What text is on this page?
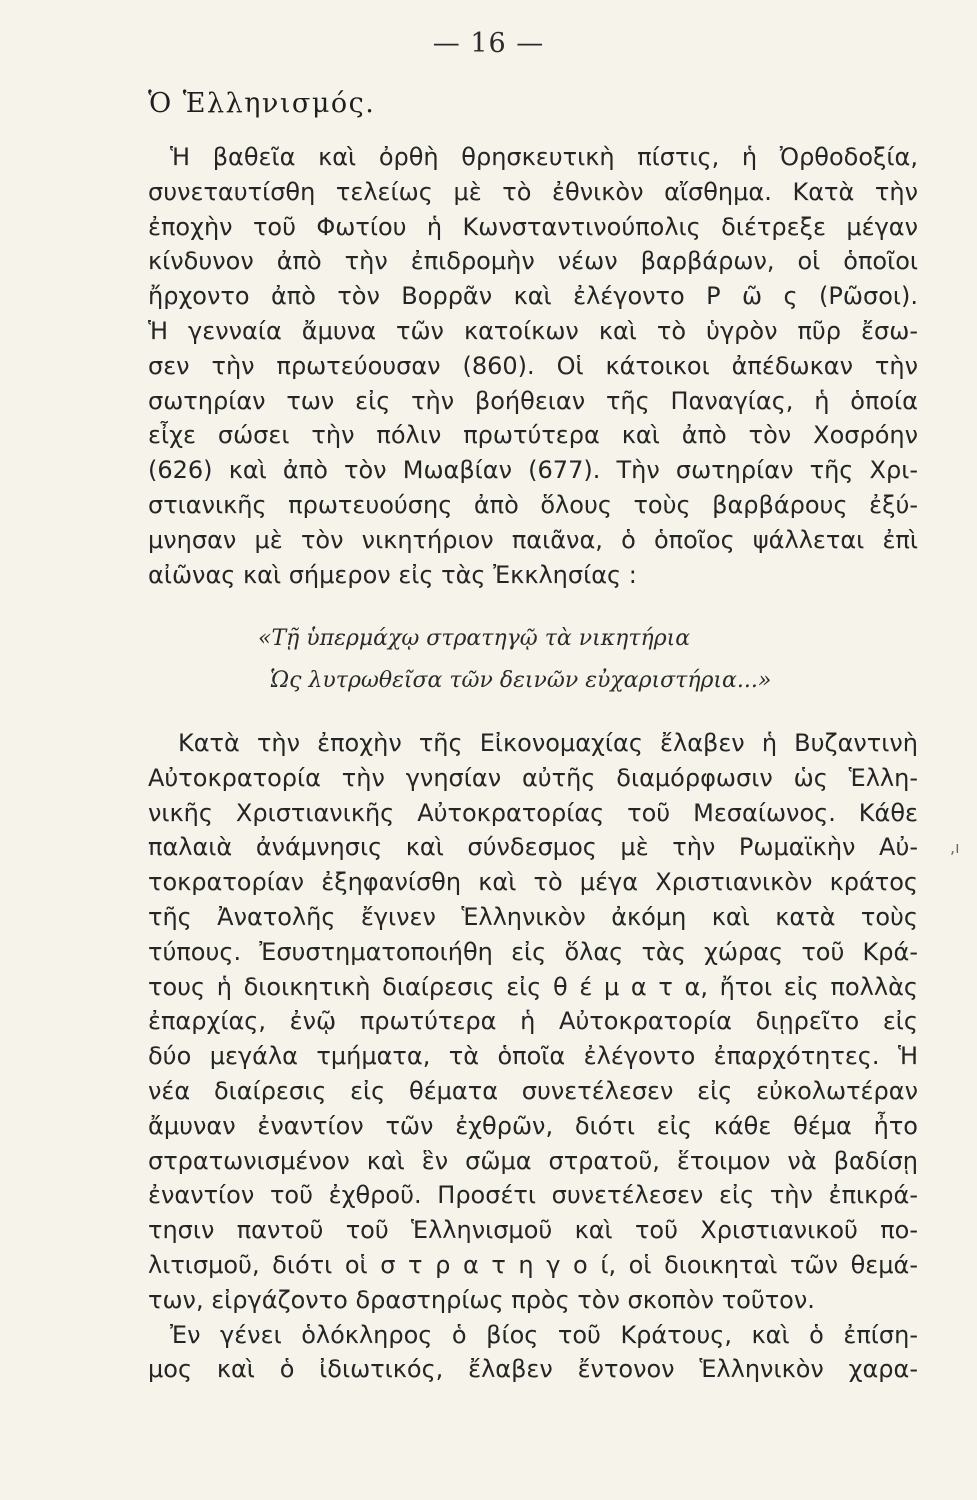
— 16 —
Ὁ Ἑλληνισμός.
Ἡ βαθεῖα καὶ ὀρθὴ θρησκευτικὴ πίστις, ἡ Ὀρθοδοξία,
συνεταυτίσθη τελείως μὲ τὸ ἐθνικὸν αἴσθημα. Κατὰ τὴν
ἐποχὴν τοῦ Φωτίου ἡ Κωνσταντινούπολις διέτρεξε μέγαν
κίνδυνον ἀπὸ τὴν ἐπιδρομὴν νέων βαρβάρων, οἱ ὁποῖοι
ἤρχοντο ἀπὸ τὸν Βορρᾶν καὶ ἐλέγοντο Ρ ῶ ς (Ρῶσοι).
Ἡ γενναία ἄμυνα τῶν κατοίκων καὶ τὸ ὑγρὸν πῦρ ἔσω-
σεν τὴν πρωτεύουσαν (860). Οἱ κάτοικοι ἀπέδωκαν τὴν
σωτηρίαν των εἰς τὴν βοήθειαν τῆς Παναγίας, ἡ ὁποία
εἶχε σώσει τὴν πόλιν πρωτύτερα καὶ ἀπὸ τὸν Χοσρόην
(626) καὶ ἀπὸ τὸν Μωαβίαν (677). Τὴν σωτηρίαν τῆς Χρι-
στιανικῆς πρωτευούσης ἀπὸ ὅλους τοὺς βαρβάρους ἐξύ-
μνησαν μὲ τὸν νικητήριον παιᾶνα, ὁ ὁποῖος ψάλλεται ἐπὶ
αἰῶνας καὶ σήμερον εἰς τὰς Ἐκκλησίας :
«Τῇ ὑπερμάχῳ στρατηγῷ τὰ νικητήρια
Ὡς λυτρωθεῖσα τῶν δεινῶν εὐχαριστήρια...»
Κατὰ τὴν ἐποχὴν τῆς Εἰκονομαχίας ἔλαβεν ἡ Βυζαντινὴ
Αὐτοκρατορία τὴν γνησίαν αὐτῆς διαμόρφωσιν ὡς Ἑλλη-
νικῆς Χριστιανικῆς Αὐτοκρατορίας τοῦ Μεσαίωνος. Κάθε
παλαιὰ ἀνάμνησις καὶ σύνδεσμος μὲ τὴν Ρωμαϊκὴν Αὐ-
τοκρατορίαν ἐξηφανίσθη καὶ τὸ μέγα Χριστιανικὸν κράτος
τῆς Ἀνατολῆς ἔγινεν Ἑλληνικὸν ἀκόμη καὶ κατὰ τοὺς
τύπους. Ἐσυστηματοποιήθη εἰς ὅλας τὰς χώρας τοῦ Κρά-
τους ἡ διοικητικὴ διαίρεσις εἰς θ έ μ α τ α, ἤτοι εἰς πολλὰς
ἐπαρχίας, ἐνῷ πρωτύτερα ἡ Αὐτοκρατορία διῃρεῖτο εἰς
δύο μεγάλα τμήματα, τὰ ὁποῖα ἐλέγοντο ἐπαρχότητες. Ἡ
νέα διαίρεσις εἰς θέματα συνετέλεσεν εἰς εὐκολωτέραν
ἄμυναν ἐναντίον τῶν ἐχθρῶν, διότι εἰς κάθε θέμα ἦτο
στρατωνισμένον καὶ ἓν σῶμα στρατοῦ, ἕτοιμον νὰ βαδίσῃ
ἐναντίον τοῦ ἐχθροῦ. Προσέτι συνετέλεσεν εἰς τὴν ἐπικρά-
τησιν παντοῦ τοῦ Ἑλληνισμοῦ καὶ τοῦ Χριστιανικοῦ πο-
λιτισμοῦ, διότι οἱ σ τ ρ α τ η γ ο ί, οἱ διοικηταὶ τῶν θεμά-
των, εἰργάζοντο δραστηρίως πρὸς τὸν σκοπὸν τοῦτον.
Ἐν γένει ὁλόκληρος ὁ βίος τοῦ Κράτους, καὶ ὁ ἐπίση-
μος καὶ ὁ ἰδιωτικός, ἔλαβεν ἔντονον Ἑλληνικὸν χαρα-
,ı
